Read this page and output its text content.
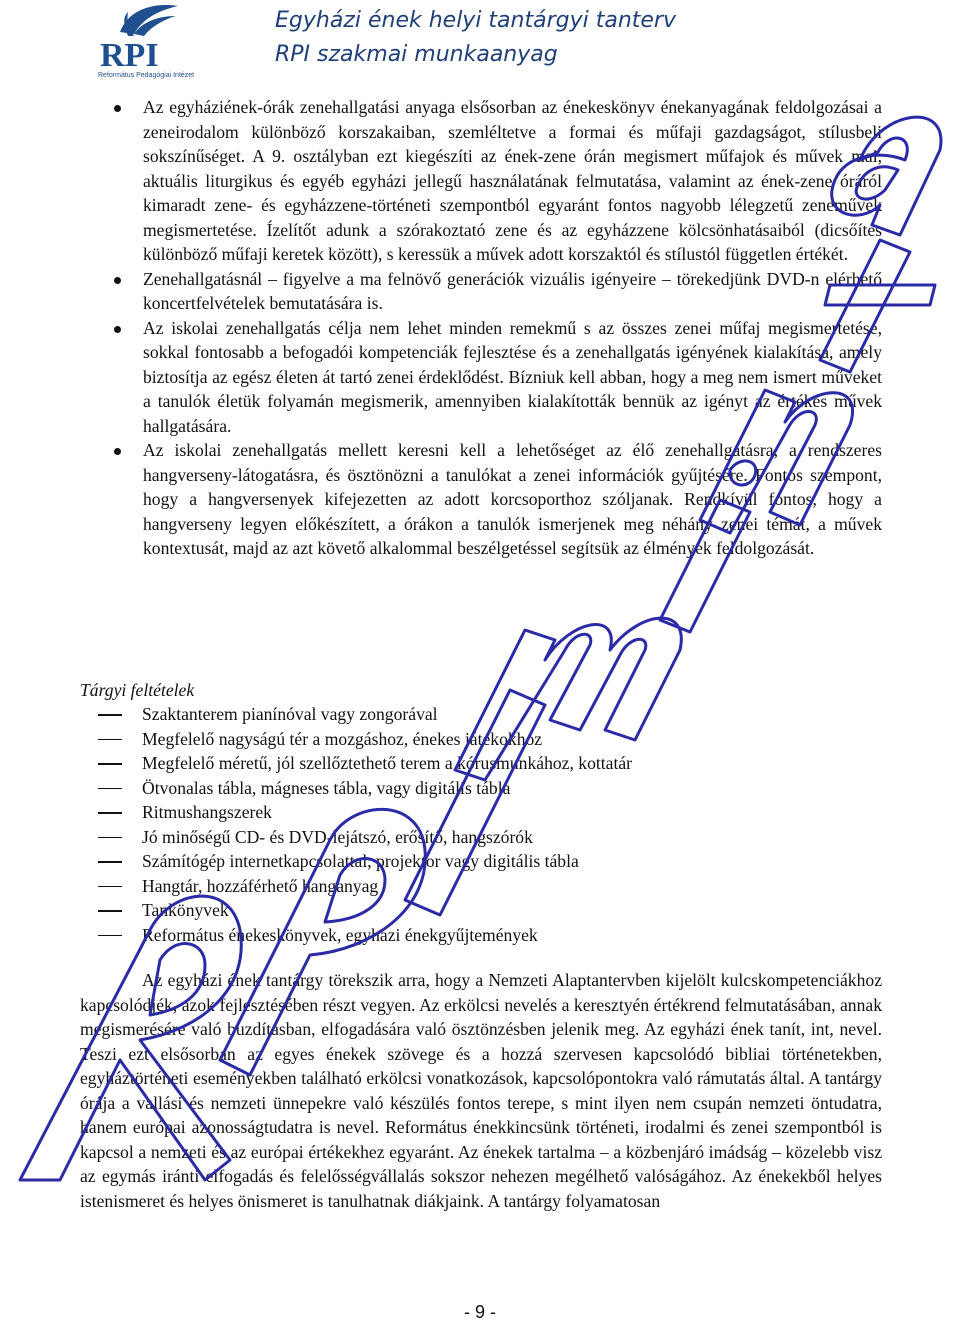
RPI
Református Pedagógiai Intézet
Egyházi ének helyi tantárgyi tanterv
RPI szakmai munkaanyag
Az egyháziének-órák zenehallgatási anyaga elsősorban az énekeskönyv énekanyagának feldolgozásai a zeneirodalom különböző korszakaiban, szemléltetve a formai és műfaji gazdagságot, stílusbeli sokszínűséget. A 9. osztályban ezt kiegészíti az ének-zene órán megismert műfajok és művek mai, aktuális liturgikus és egyéb egyházi jellegű használatának felmutatása, valamint az ének-zene óráról kimaradt zene- és egyházzene-történeti szempontból egyaránt fontos nagyobb lélegzetű zeneművek megismertetése. Ízelítőt adunk a szórakoztató zene és az egyházzene kölcsönhatásaiból (dicsőítés különböző műfaji keretek között), s keressük a művek adott korszaktól és stílustól független értékét.
Zenehallgatásnál – figyelve a ma felnövő generációk vizuális igényeire – törekedjünk DVD-n elérhető koncertfelvételek bemutatására is.
Az iskolai zenehallgatás célja nem lehet minden remekmű s az összes zenei műfaj megismertetése, sokkal fontosabb a befogadói kompetenciák fejlesztése és a zenehallgatás igényének kialakítása, amely biztosítja az egész életen át tartó zenei érdeklődést. Bízniuk kell abban, hogy a meg nem ismert műveket a tanulók életük folyamán megismerik, amennyiben kialakították bennük az igényt az értékes művek hallgatására.
Az iskolai zenehallgatás mellett keresni kell a lehetőséget az élő zenehallgatásra, a rendszeres hangverseny-látogatásra, és ösztönözni a tanulókat a zenei információk gyűjtésére. Fontos szempont, hogy a hangversenyek kifejezetten az adott korcsoporthoz szóljanak. Rendkívül fontos, hogy a hangverseny legyen előkészített, a órákon a tanulók ismerjenek meg néhány zenei témát, a művek kontextusát, majd az azt követő alkalommal beszélgetéssel segítsük az élmények feldolgozását.
Tárgyi feltételek
Szaktanterem pianínóval vagy zongorával
Megfelelő nagyságú tér a mozgáshoz, énekes játékokhoz
Megfelelő méretű, jól szellőztethető terem a kórusmunkához, kottatár
Ötvonalas tábla, mágneses tábla, vagy digitális tábla
Ritmushangszerek
Jó minőségű CD- és DVD-lejátszó, erősítő, hangszórók
Számítógép internetkapcsolattal, projektor vagy digitális tábla
Hangtár, hozzáférhető hanganyag
Tankönyvek
Református énekeskönyvek, egyházi énekgyűjtemények
Az egyházi ének tantárgy törekszik arra, hogy a Nemzeti Alaptantervben kijelölt kulcskompetenciákhoz kapcsolódjék, azok fejlesztésében részt vegyen. Az erkölcsi nevelés a keresztyén értékrend felmutatásában, annak megismerésére való buzdításban, elfogadására való ösztönzésben jelenik meg. Az egyházi ének tanít, int, nevel. Teszi ezt elsősorban az egyes énekek szövege és a hozzá szervesen kapcsolódó bibliai történetekben, egyháztörténeti eseményekben található erkölcsi vonatkozások, kapcsolópontokra való rámutatás által. A tantárgy órája a vallási és nemzeti ünnepekre való készülés fontos terepe, s mint ilyen nem csupán nemzeti öntudatra, hanem európai azonosságtudatra is nevel. Református énekkincsünk történeti, irodalmi és zenei szempontból is kapcsol a nemzeti és az európai értékekhez egyaránt. Az énekek tartalma – a közbenjáró imádság – közelebb visz az egymás iránti elfogadás és felelősségvállalás sokszor nehezen megélhető valóságához. Az énekekből helyes istenismeret és helyes önismeret is tanulhatnak diákjaink. A tantárgy folyamatosan
- 9 -
